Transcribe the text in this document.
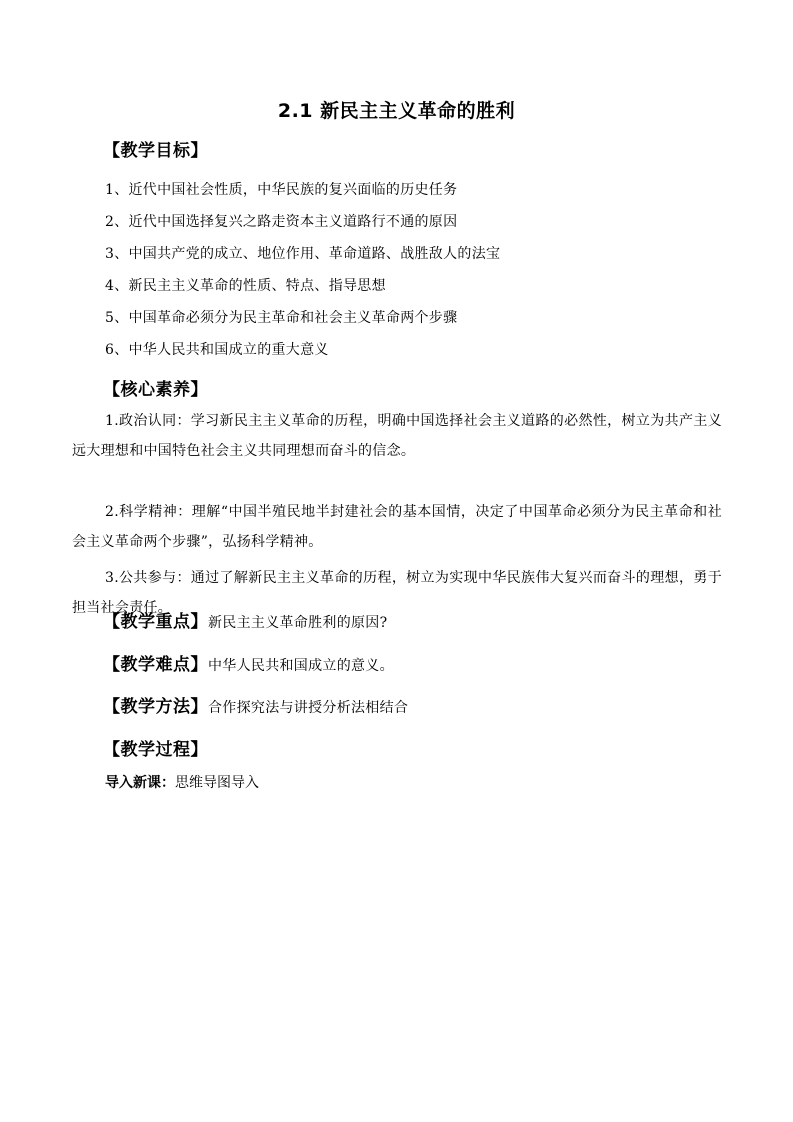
2.1 新民主主义革命的胜利
【教学目标】
1、近代中国社会性质，中华民族的复兴面临的历史任务
2、近代中国选择复兴之路走资本主义道路行不通的原因
3、中国共产党的成立、地位作用、革命道路、战胜敌人的法宝
4、新民主主义革命的性质、特点、指导思想
5、中国革命必须分为民主革命和社会主义革命两个步骤
6、中华人民共和国成立的重大意义
【核心素养】
1.政治认同：学习新民主主义革命的历程，明确中国选择社会主义道路的必然性，树立为共产主义远大理想和中国特色社会主义共同理想而奋斗的信念。
2.科学精神：理解“中国半殖民地半封建社会的基本国情，决定了中国革命必须分为民主革命和社会主义革命两个步骤”，弘扬科学精神。
3.公共参与：通过了解新民主主义革命的历程，树立为实现中华民族伟大复兴而奋斗的理想，勇于担当社会责任。
【教学重点】新民主主义革命胜利的原因?
【教学难点】中华人民共和国成立的意义。
【教学方法】合作探究法与讲授分析法相结合
【教学过程】
导入新课：思维导图导入
